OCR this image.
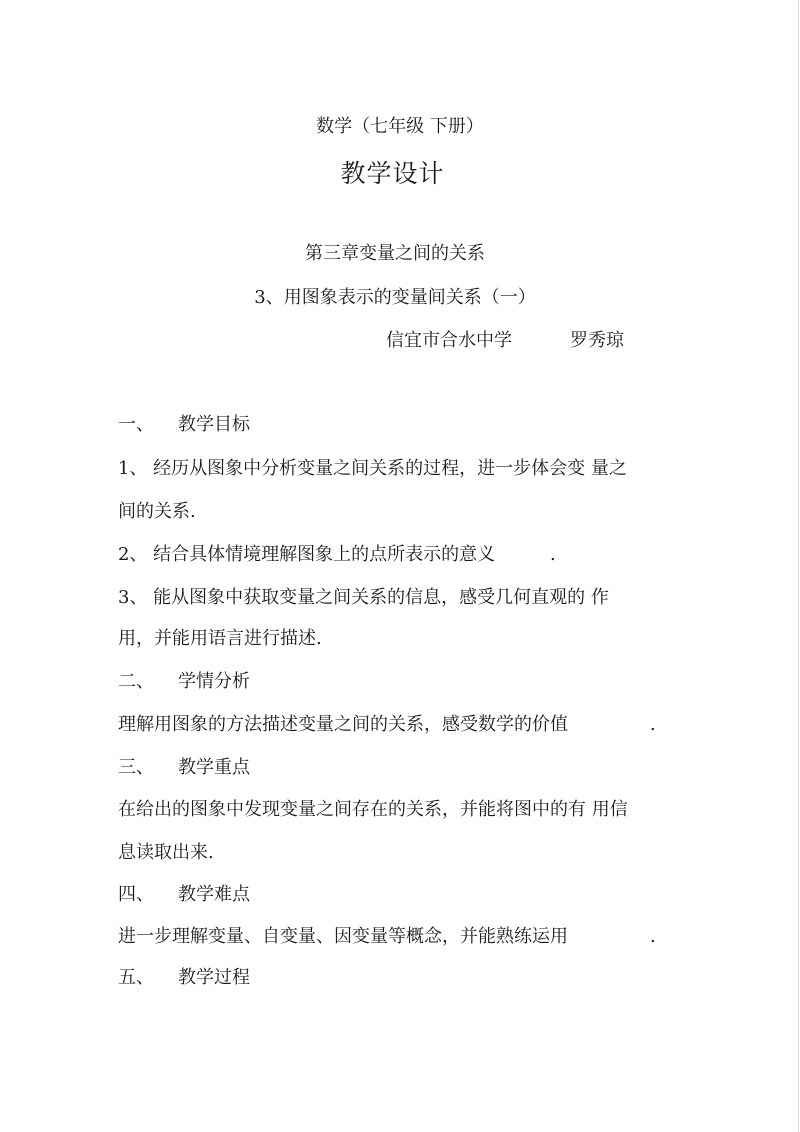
数学（七年级 下册）
教学设计
第三章变量之间的关系
3、用图象表示的变量间关系（一）
信宜市合水中学	罗秀琼
一、 教学目标
1、 经历从图象中分析变量之间关系的过程，进一步体会变 量之
间的关系.
2、 结合具体情境理解图象上的点所表示的意义	.
3、 能从图象中获取变量之间关系的信息，感受几何直观的 作
用，并能用语言进行描述.
二、 学情分析
理解用图象的方法描述变量之间的关系，感受数学的价值	.
三、 教学重点
在给出的图象中发现变量之间存在的关系，并能将图中的有 用信
息读取出来.
四、 教学难点
进一步理解变量、自变量、因变量等概念，并能熟练运用	.
五、 教学过程
